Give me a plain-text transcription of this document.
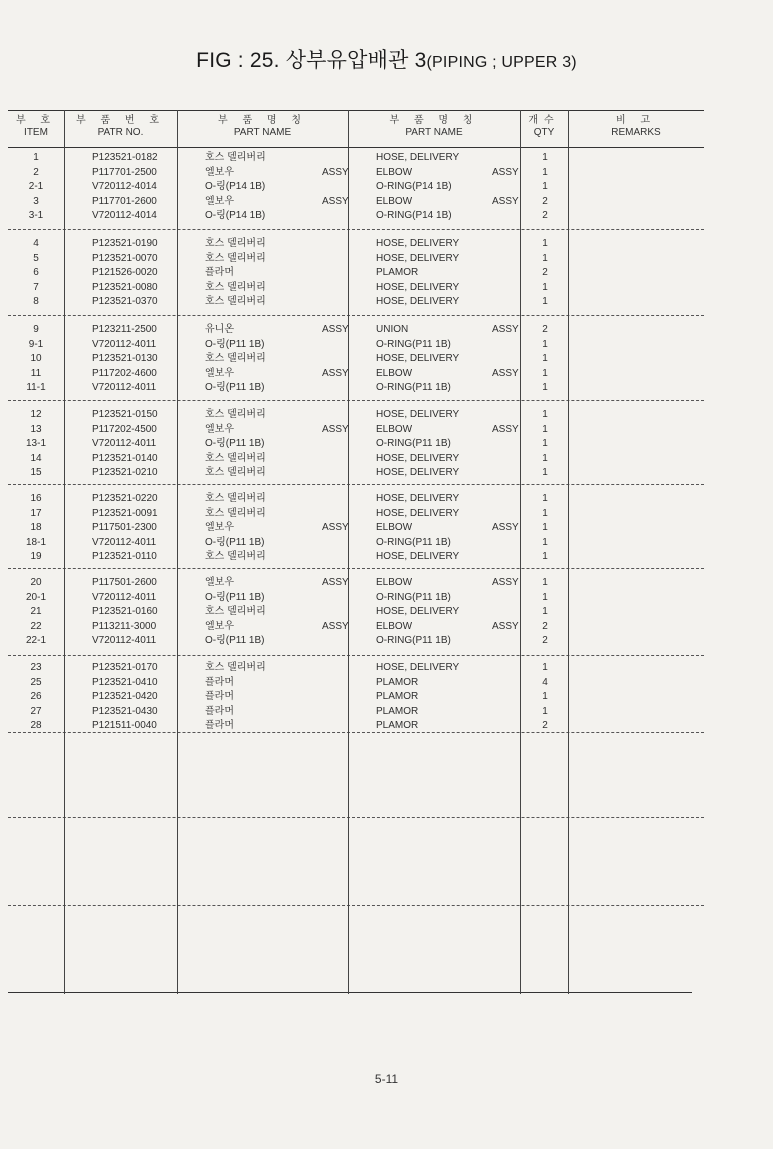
FIG : 25. 상부유압배관 3(PIPING ; UPPER 3)
부 호
ITEM
부 품 번 호
PATR NO.
부 품 명 칭
PART NAME
부 품 명 칭
PART NAME
개수
QTY
비 고
REMARKS
1	P123521-0182	호스 델리버리	HOSE, DELIVERY	1
2	P117701-2500	엘보우	ASSY	ELBOW	ASSY	1
2-1	V720112-4014	O-링(P14 1B)	O-RING(P14 1B)	1
3	P117701-2600	엘보우	ASSY	ELBOW	ASSY	2
3-1	V720112-4014	O-링(P14 1B)	O-RING(P14 1B)	2
4	P123521-0190	호스 델리버리	HOSE, DELIVERY	1
5	P123521-0070	호스 델리버리	HOSE, DELIVERY	1
6	P121526-0020	플라머	PLAMOR	2
7	P123521-0080	호스 델리버리	HOSE, DELIVERY	1
8	P123521-0370	호스 델리버리	HOSE, DELIVERY	1
9	P123211-2500	유니온	ASSY	UNION	ASSY	2
9-1	V720112-4011	O-링(P11 1B)	O-RING(P11 1B)	1
10	P123521-0130	호스 델리버리	HOSE, DELIVERY	1
11	P117202-4600	엘보우	ASSY	ELBOW	ASSY	1
11-1	V720112-4011	O-링(P11 1B)	O-RING(P11 1B)	1
12	P123521-0150	호스 델리버리	HOSE, DELIVERY	1
13	P117202-4500	엘보우	ASSY	ELBOW	ASSY	1
13-1	V720112-4011	O-링(P11 1B)	O-RING(P11 1B)	1
14	P123521-0140	호스 델리버리	HOSE, DELIVERY	1
15	P123521-0210	호스 델리버리	HOSE, DELIVERY	1
16	P123521-0220	호스 델리버리	HOSE, DELIVERY	1
17	P123521-0091	호스 델리버리	HOSE, DELIVERY	1
18	P117501-2300	엘보우	ASSY	ELBOW	ASSY	1
18-1	V720112-4011	O-링(P11 1B)	O-RING(P11 1B)	1
19	P123521-0110	호스 델리버리	HOSE, DELIVERY	1
20	P117501-2600	엘보우	ASSY	ELBOW	ASSY	1
20-1	V720112-4011	O-링(P11 1B)	O-RING(P11 1B)	1
21	P123521-0160	호스 델리버리	HOSE, DELIVERY	1
22	P113211-3000	엘보우	ASSY	ELBOW	ASSY	2
22-1	V720112-4011	O-링(P11 1B)	O-RING(P11 1B)	2
23	P123521-0170	호스 델리버리	HOSE, DELIVERY	1
25	P123521-0410	플라머	PLAMOR	4
26	P123521-0420	플라머	PLAMOR	1
27	P123521-0430	플라머	PLAMOR	1
28	P121511-0040	플라머	PLAMOR	2
5-11
